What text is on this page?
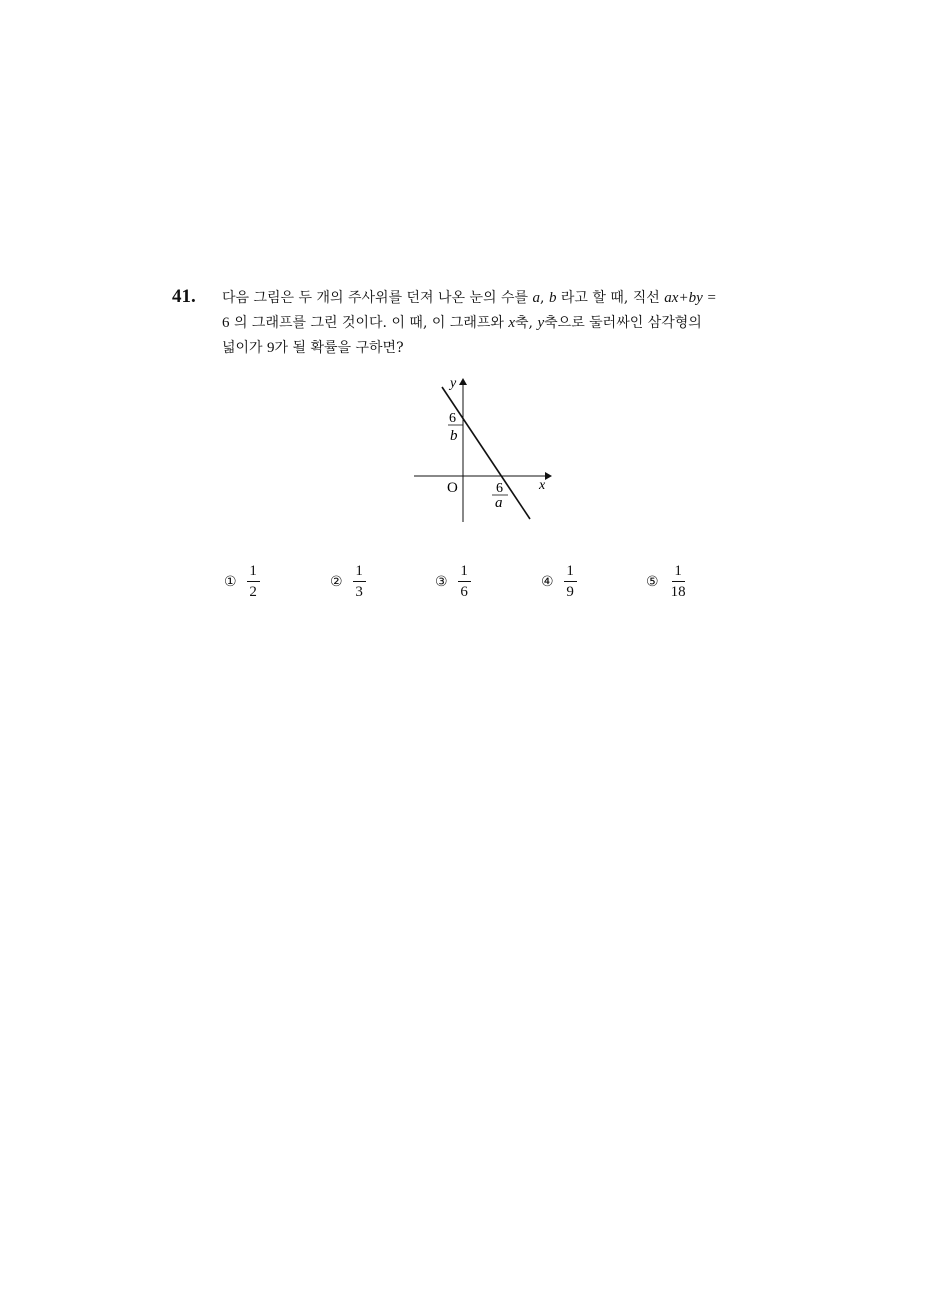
41. 다음 그림은 두 개의 주사위를 던져 나온 눈의 수를 a, b 라고 할 때, 직선 ax+by =
6 의 그래프를 그린 것이다. 이 때, 이 그래프와 x축, y축으로 둘러싸인 삼각형의
넓이가 9가 될 확률을 구하면?
y
x
O
6
b
6
a
① $\frac{1}{2}$	② $\frac{1}{3}$	③ $\frac{1}{6}$	④ $\frac{1}{9}$	⑤ $\frac{1}{18}$
